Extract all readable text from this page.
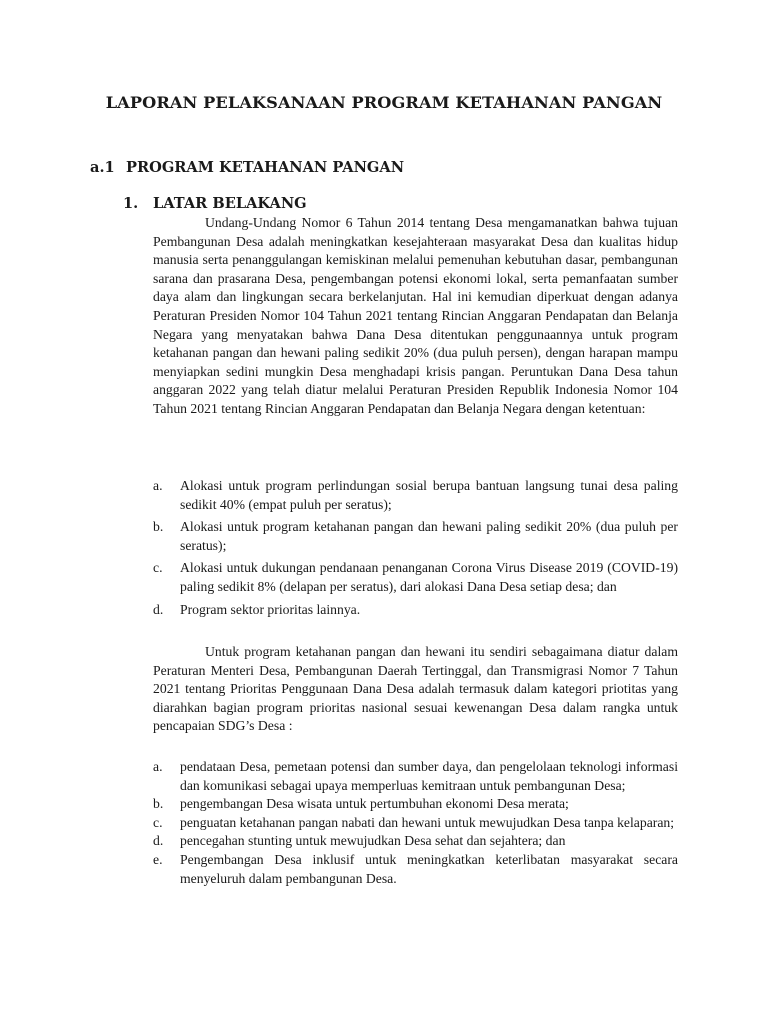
LAPORAN PELAKSANAAN PROGRAM KETAHANAN PANGAN
a.1 PROGRAM KETAHANAN PANGAN
1. LATAR BELAKANG
Undang-Undang Nomor 6 Tahun 2014 tentang Desa mengamanatkan bahwa tujuan Pembangunan Desa adalah meningkatkan kesejahteraan masyarakat Desa dan kualitas hidup manusia serta penanggulangan kemiskinan melalui pemenuhan kebutuhan dasar, pembangunan sarana dan prasarana Desa, pengembangan potensi ekonomi lokal, serta pemanfaatan sumber daya alam dan lingkungan secara berkelanjutan. Hal ini kemudian diperkuat dengan adanya Peraturan Presiden Nomor 104 Tahun 2021 tentang Rincian Anggaran Pendapatan dan Belanja Negara yang menyatakan bahwa Dana Desa ditentukan penggunaannya untuk program ketahanan pangan dan hewani paling sedikit 20% (dua puluh persen), dengan harapan mampu menyiapkan sedini mungkin Desa menghadapi krisis pangan. Peruntukan Dana Desa tahun anggaran 2022 yang telah diatur melalui Peraturan Presiden Republik Indonesia Nomor 104 Tahun 2021 tentang Rincian Anggaran Pendapatan dan Belanja Negara dengan ketentuan:
a. Alokasi untuk program perlindungan sosial berupa bantuan langsung tunai desa paling sedikit 40% (empat puluh per seratus);
b. Alokasi untuk program ketahanan pangan dan hewani paling sedikit 20% (dua puluh per seratus);
c. Alokasi untuk dukungan pendanaan penanganan Corona Virus Disease 2019 (COVID-19) paling sedikit 8% (delapan per seratus), dari alokasi Dana Desa setiap desa; dan
d. Program sektor prioritas lainnya.
Untuk program ketahanan pangan dan hewani itu sendiri sebagaimana diatur dalam Peraturan Menteri Desa, Pembangunan Daerah Tertinggal, dan Transmigrasi Nomor 7 Tahun 2021 tentang Prioritas Penggunaan Dana Desa adalah termasuk dalam kategori priotitas yang diarahkan bagian program prioritas nasional sesuai kewenangan Desa dalam rangka untuk pencapaian SDG’s Desa :
a. pendataan Desa, pemetaan potensi dan sumber daya, dan pengelolaan teknologi informasi dan komunikasi sebagai upaya memperluas kemitraan untuk pembangunan Desa;
b. pengembangan Desa wisata untuk pertumbuhan ekonomi Desa merata;
c. penguatan ketahanan pangan nabati dan hewani untuk mewujudkan Desa tanpa kelaparan;
d. pencegahan stunting untuk mewujudkan Desa sehat dan sejahtera; dan
e. Pengembangan Desa inklusif untuk meningkatkan keterlibatan masyarakat secara menyeluruh dalam pembangunan Desa.
